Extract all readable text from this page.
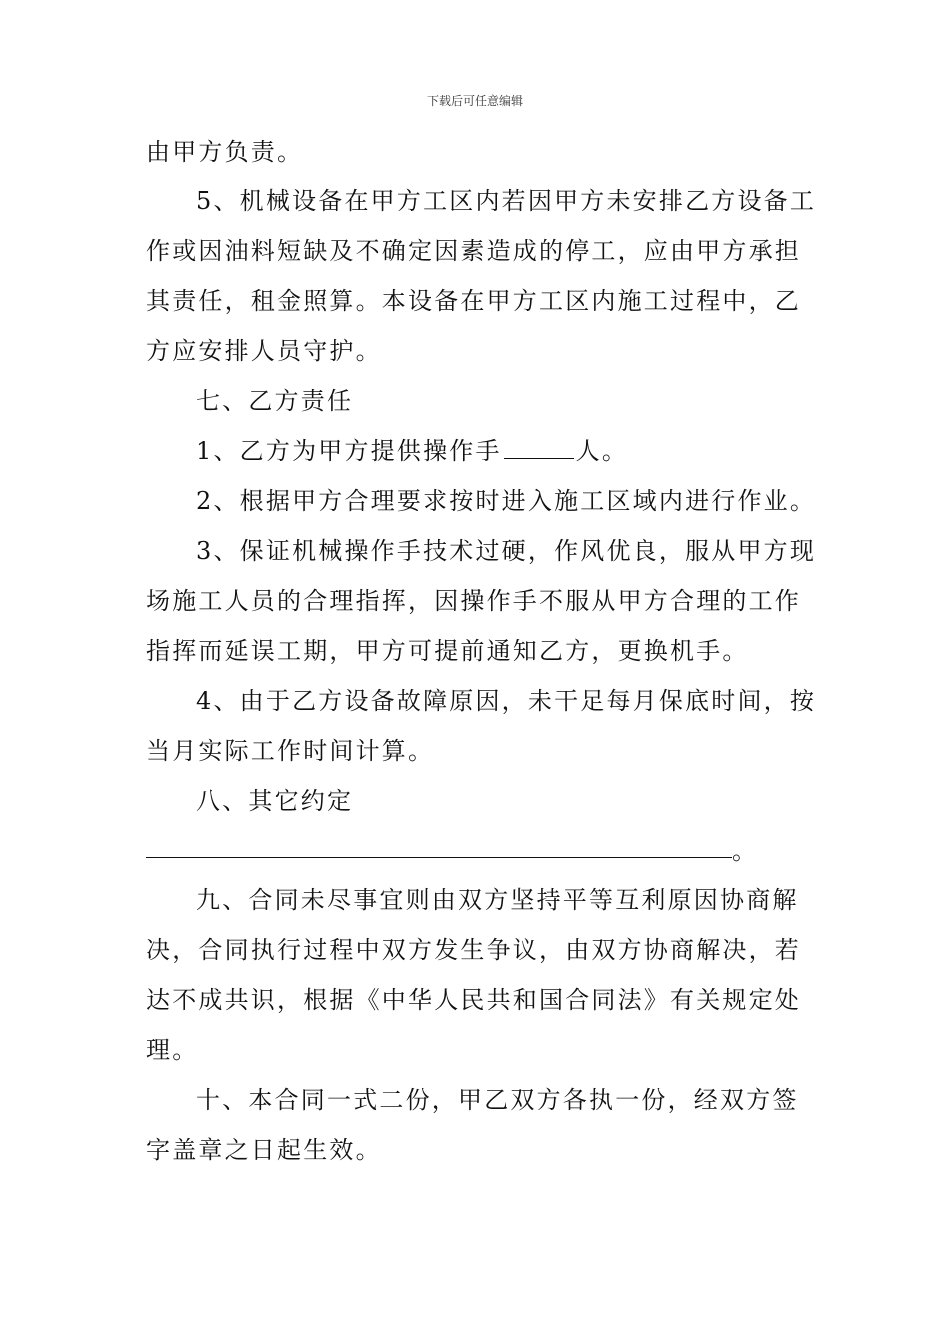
下载后可任意编辑
由甲方负责。
5、机械设备在甲方工区内若因甲方未安排乙方设备工
作或因油料短缺及不确定因素造成的停工，应由甲方承担
其责任，租金照算。本设备在甲方工区内施工过程中，乙
方应安排人员守护。
七、乙方责任
1、乙方为甲方提供操作手	人。
2、根据甲方合理要求按时进入施工区域内进行作业。
3、保证机械操作手技术过硬，作风优良，服从甲方现
场施工人员的合理指挥，因操作手不服从甲方合理的工作
指挥而延误工期，甲方可提前通知乙方，更换机手。
4、由于乙方设备故障原因，未干足每月保底时间，按
当月实际工作时间计算。
八、其它约定
。
九、合同未尽事宜则由双方坚持平等互利原因协商解
决，合同执行过程中双方发生争议，由双方协商解决，若
达不成共识，根据《中华人民共和国合同法》有关规定处
理。
十、本合同一式二份，甲乙双方各执一份，经双方签
字盖章之日起生效。
